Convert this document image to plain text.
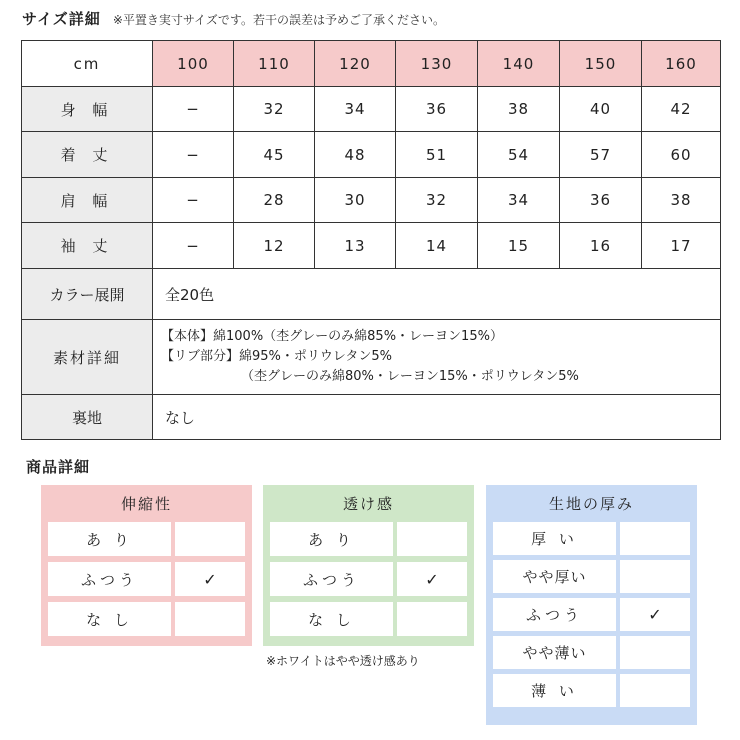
サイズ詳細 ※平置き実寸サイズです。若干の誤差は予めご了承ください。
cm	100	110	120	130	140	150	160
身 幅	−	32	34	36	38	40	42
着 丈	−	45	48	51	54	57	60
肩 幅	−	28	30	32	34	36	38
袖 丈	−	12	13	14	15	16	17
カラー展開	全20色						
素材詳細	【本体】綿100%（杢グレーのみ綿85%・レーヨン15%）
【リブ部分】綿95%・ポリウレタン5%
（杢グレーのみ綿80%・レーヨン15%・ポリウレタン5%						

裏地	なし						
商品詳細
伸縮性
あ り
ふつう	✓
な し
透け感
あ り
ふつう	✓
な し
※ホワイトはやや透け感あり
生地の厚み
厚 い
やや厚い
ふつう	✓
やや薄い
薄 い
